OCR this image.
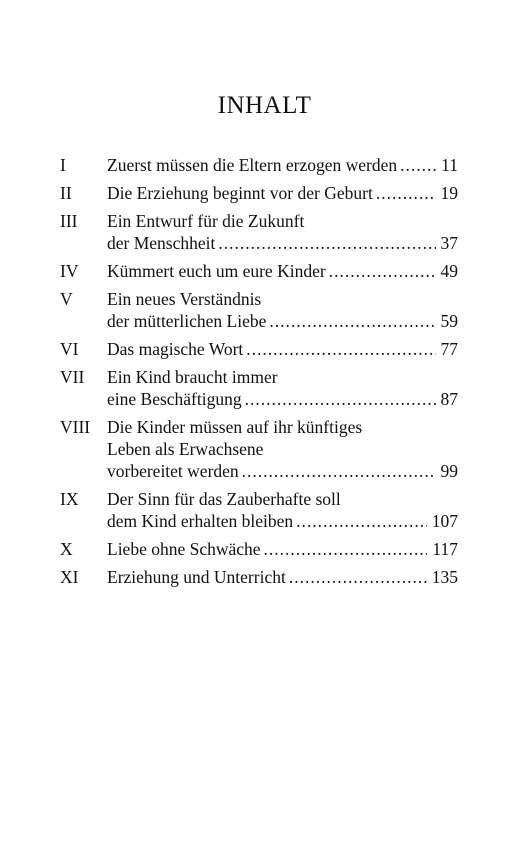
INHALT
I	Zuerst müssen die Eltern erzogen werden .....	11
II	Die Erziehung beginnt vor der Geburt .....	19
III	Ein Entwurf für die Zukunft
der Menschheit .....	37
IV	Kümmert euch um eure Kinder .....	49
V	Ein neues Verständnis
der mütterlichen Liebe .....	59
VI	Das magische Wort .....	77
VII	Ein Kind braucht immer
eine Beschäftigung .....	87
VIII Die Kinder müssen auf ihr künftiges
Leben als Erwachsene
vorbereitet werden .....	99
IX	Der Sinn für das Zauberhafte soll
dem Kind erhalten bleiben .....	107
X	Liebe ohne Schwäche .....	117
XI	Erziehung und Unterricht .....	135
